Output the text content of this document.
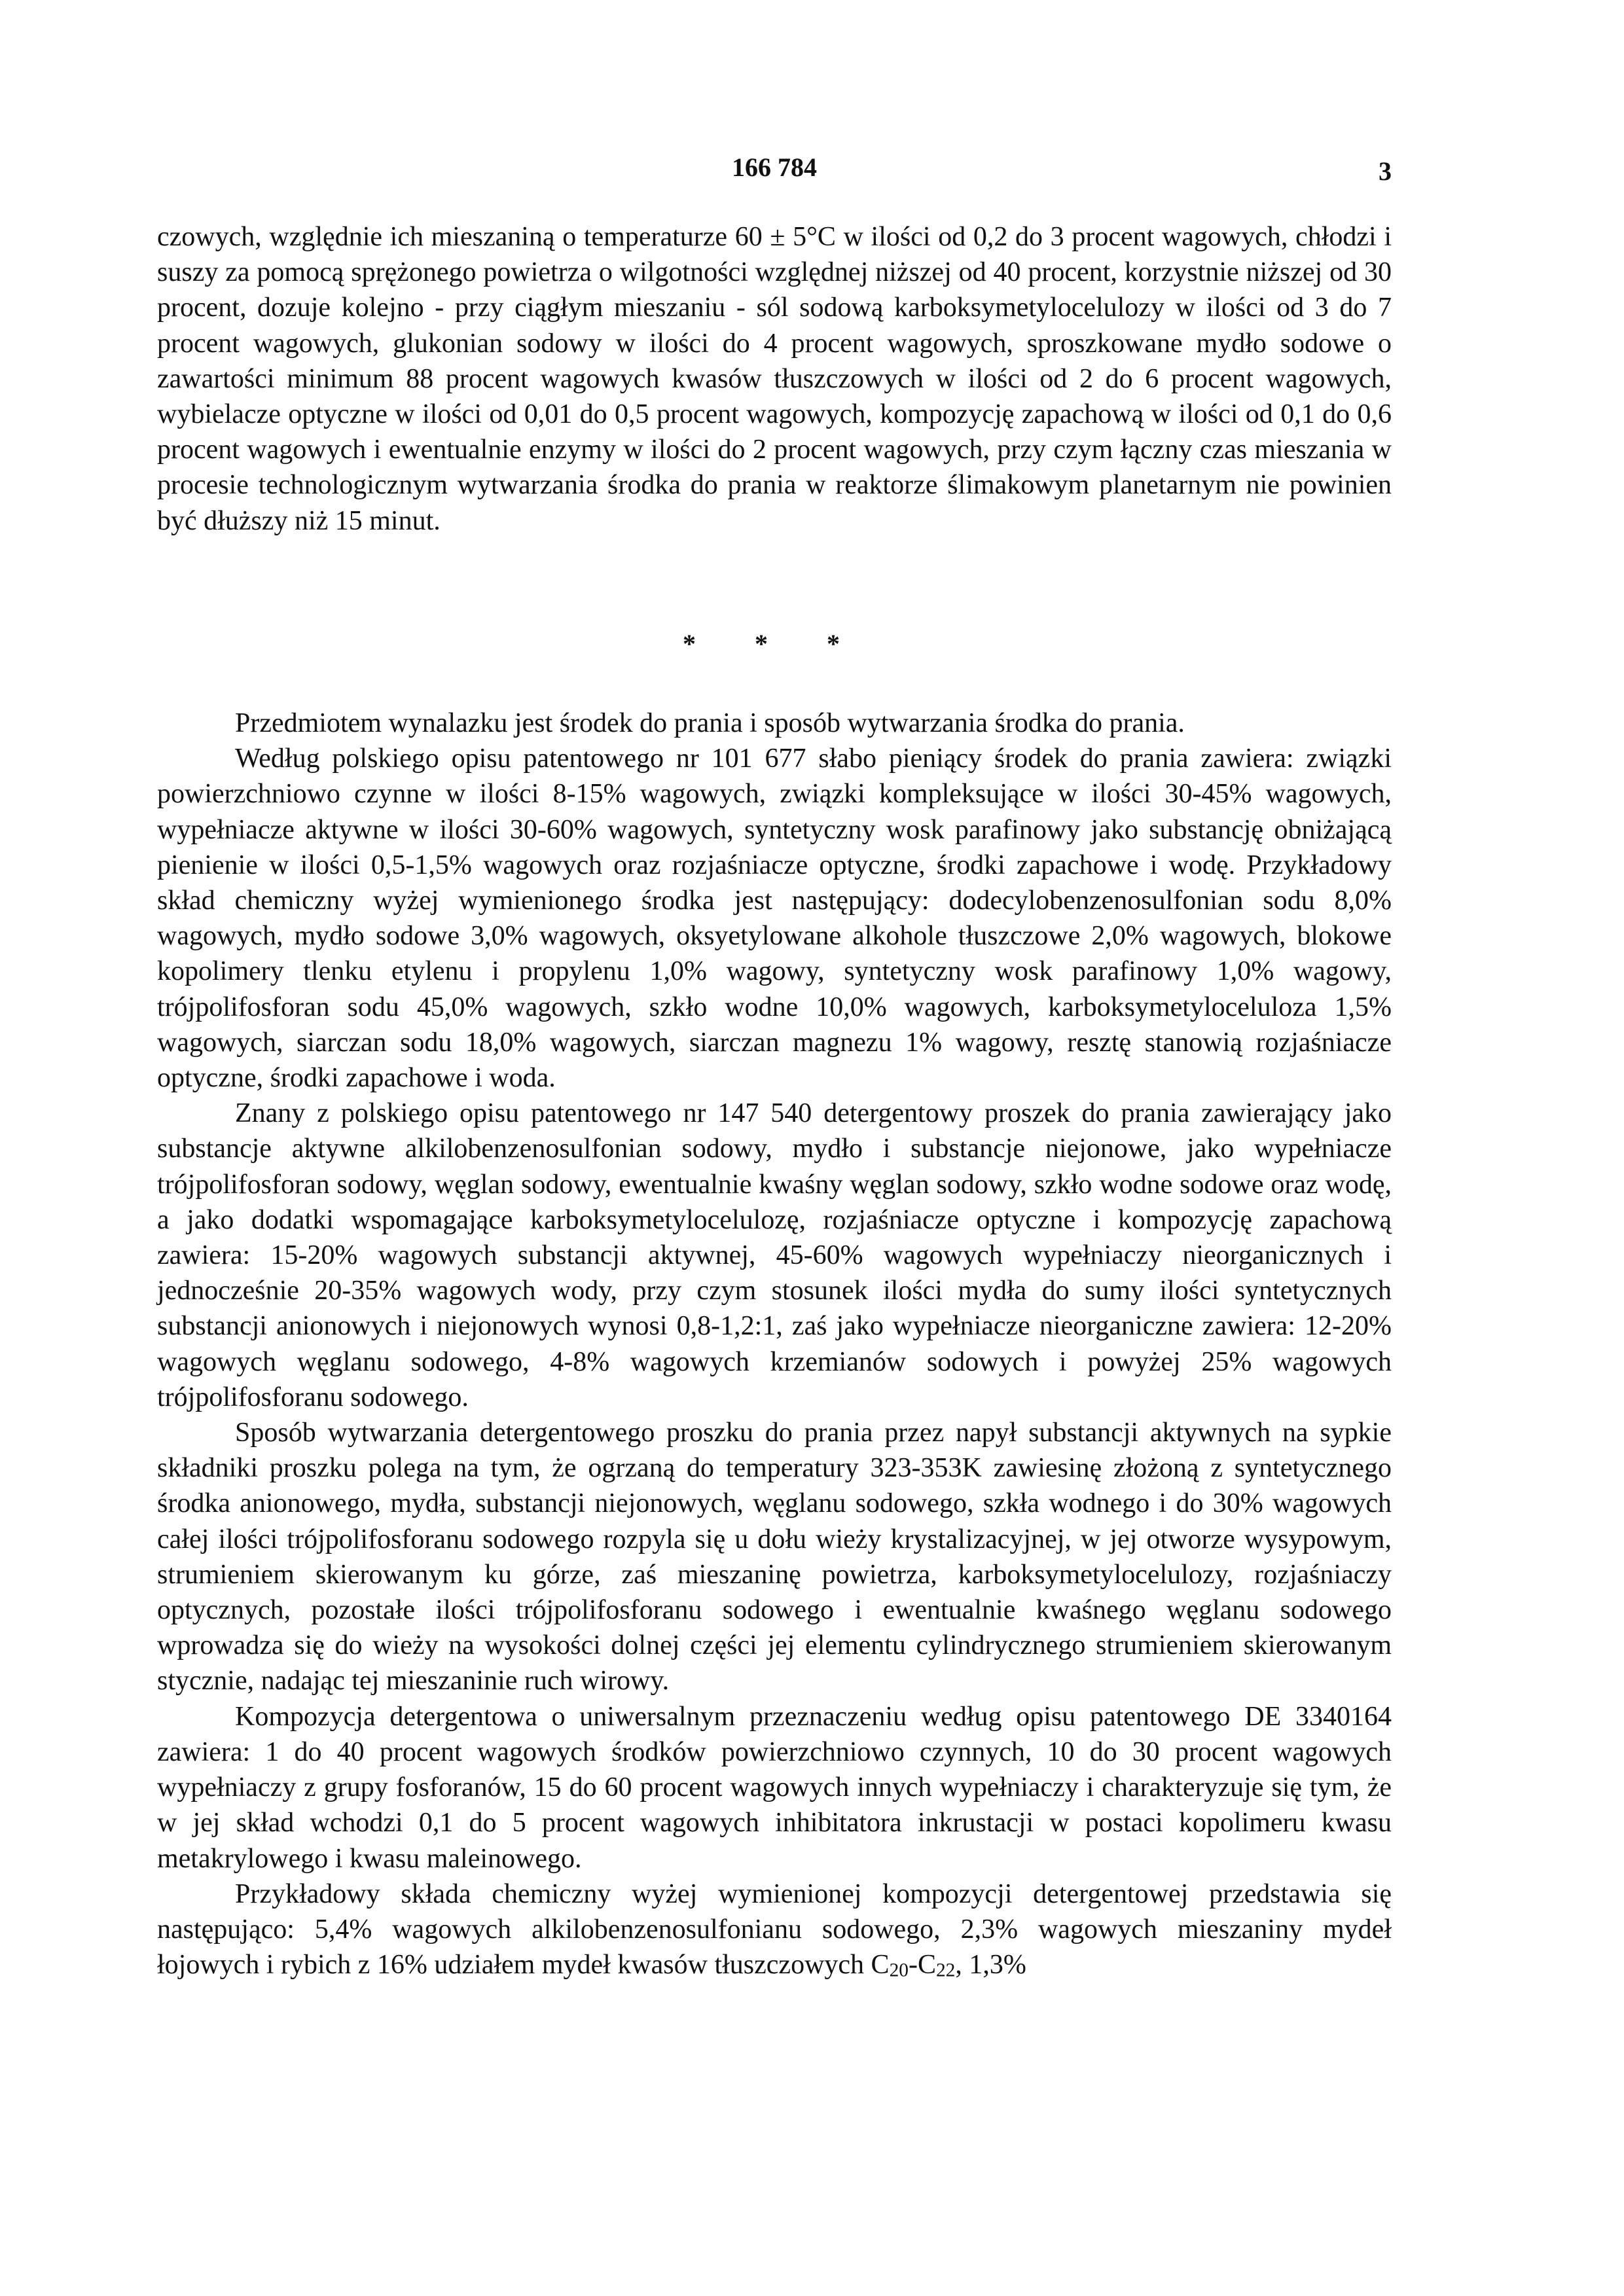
166 784	3

czowych, względnie ich mieszaniną o temperaturze 60 ± 5°C w ilości od 0,2 do 3 procent wagowych, chłodzi i suszy za pomocą sprężonego powietrza o wilgotności względnej niższej od 40 procent, korzystnie niższej od 30 procent, dozuje kolejno - przy ciągłym mieszaniu - sól sodową karboksymetylocelulozy w ilości od 3 do 7 procent wagowych, glukonian sodowy w ilości do 4 procent wagowych, sproszkowane mydło sodowe o zawartości minimum 88 procent wagowych kwasów tłuszczowych w ilości od 2 do 6 procent wagowych, wybielacze optyczne w ilości od 0,01 do 0,5 procent wagowych, kompozycję zapachową w ilości od 0,1 do 0,6 procent wagowych i ewentualnie enzymy w ilości do 2 procent wagowych, przy czym łączny czas mieszania w procesie technologicznym wytwarzania środka do prania w reaktorze ślimakowym planetarnym nie powinien być dłuższy niż 15 minut.

* * *

Przedmiotem wynalazku jest środek do prania i sposób wytwarzania środka do prania.

Według polskiego opisu patentowego nr 101 677 słabo pieniący środek do prania zawiera: związki powierzchniowo czynne w ilości 8-15% wagowych, związki kompleksujące w ilości 30-45% wagowych, wypełniacze aktywne w ilości 30-60% wagowych, syntetyczny wosk parafinowy jako substancję obniżającą pienienie w ilości 0,5-1,5% wagowych oraz rozjaśniacze optyczne, środki zapachowe i wodę. Przykładowy skład chemiczny wyżej wymienionego środka jest następujący: dodecylobenzenosulfonian sodu 8,0% wagowych, mydło sodowe 3,0% wagowych, oksyetylowane alkohole tłuszczowe 2,0% wagowych, blokowe kopolimery tlenku etylenu i propylenu 1,0% wagowy, syntetyczny wosk parafinowy 1,0% wagowy, trójpolifosforan sodu 45,0% wagowych, szkło wodne 10,0% wagowych, karboksymetyloceluloza 1,5% wagowych, siarczan sodu 18,0% wagowych, siarczan magnezu 1% wagowy, resztę stanowią rozjaśniacze optyczne, środki zapachowe i woda.

Znany z polskiego opisu patentowego nr 147 540 detergentowy proszek do prania zawierający jako substancje aktywne alkilobenzenosulfonian sodowy, mydło i substancje niejonowe, jako wypełniacze trójpolifosforan sodowy, węglan sodowy, ewentualnie kwaśny węglan sodowy, szkło wodne sodowe oraz wodę, a jako dodatki wspomagające karboksymetylocelulozę, rozjaśniacze optyczne i kompozycję zapachową zawiera: 15-20% wagowych substancji aktywnej, 45-60% wagowych wypełniaczy nieorganicznych i jednocześnie 20-35% wagowych wody, przy czym stosunek ilości mydła do sumy ilości syntetycznych substancji anionowych i niejonowych wynosi 0,8-1,2:1, zaś jako wypełniacze nieorganiczne zawiera: 12-20% wagowych węglanu sodowego, 4-8% wagowych krzemianów sodowych i powyżej 25% wagowych trójpolifosforanu sodowego.

Sposób wytwarzania detergentowego proszku do prania przez napył substancji aktywnych na sypkie składniki proszku polega na tym, że ogrzaną do temperatury 323-353K zawiesinę złożoną z syntetycznego środka anionowego, mydła, substancji niejonowych, węglanu sodowego, szkła wodnego i do 30% wagowych całej ilości trójpolifosforanu sodowego rozpyla się u dołu wieży krystalizacyjnej, w jej otworze wysypowym, strumieniem skierowanym ku górze, zaś mieszaninę powietrza, karboksymetylocelulozy, rozjaśniaczy optycznych, pozostałe ilości trójpolifosforanu sodowego i ewentualnie kwaśnego węglanu sodowego wprowadza się do wieży na wysokości dolnej części jej elementu cylindrycznego strumieniem skierowanym stycznie, nadając tej mieszaninie ruch wirowy.

Kompozycja detergentowa o uniwersalnym przeznaczeniu według opisu patentowego DE 3340164 zawiera: 1 do 40 procent wagowych środków powierzchniowo czynnych, 10 do 30 procent wagowych wypełniaczy z grupy fosforanów, 15 do 60 procent wagowych innych wypełniaczy i charakteryzuje się tym, że w jej skład wchodzi 0,1 do 5 procent wagowych inhibitatora inkrustacji w postaci kopolimeru kwasu metakrylowego i kwasu maleinowego.

Przykładowy składa chemiczny wyżej wymienionej kompozycji detergentowej przedstawia się następująco: 5,4% wagowych alkilobenzenosulfonianu sodowego, 2,3% wagowych mieszaniny mydeł łojowych i rybich z 16% udziałem mydeł kwasów tłuszczowych $C_{20}-C_{22}$, 1,3%
